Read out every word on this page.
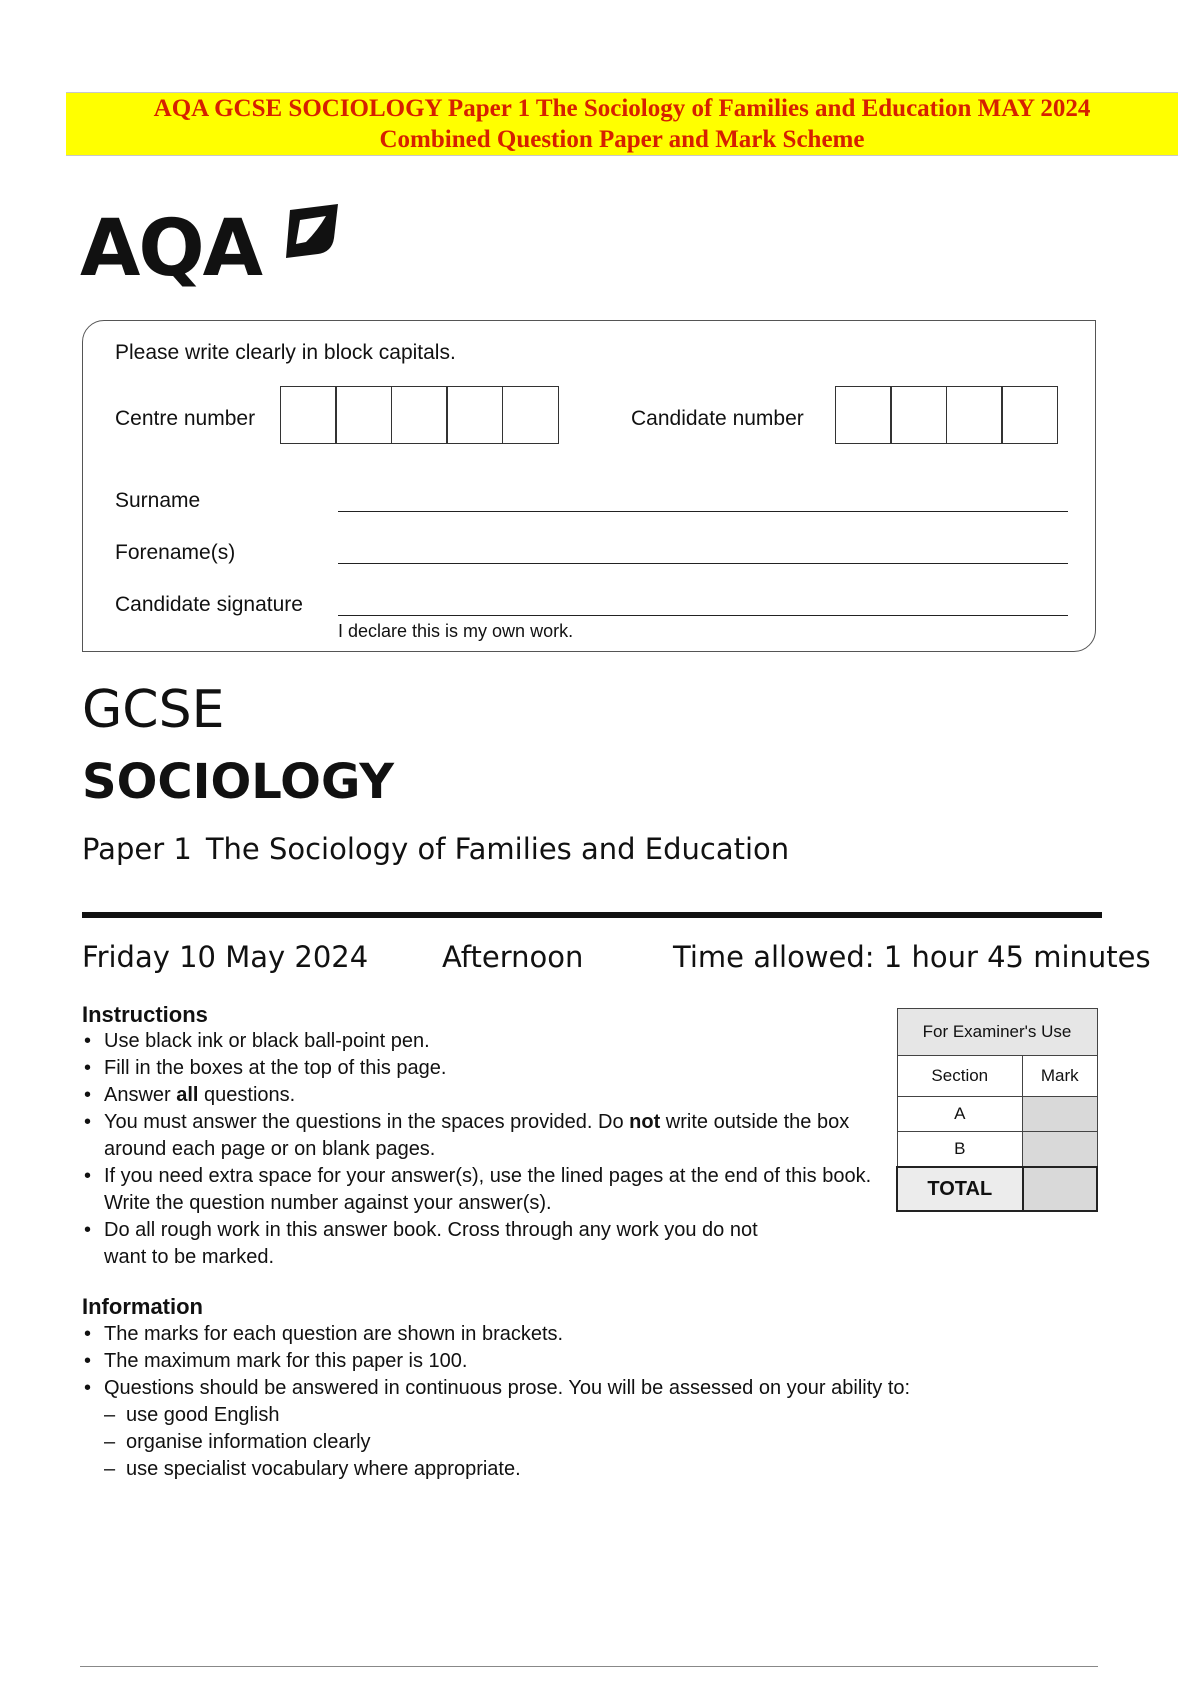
AQA GCSE SOCIOLOGY Paper 1 The Sociology of Families and Education MAY 2024
Combined Question Paper and Mark Scheme
AQA
Please write clearly in block capitals.
Centre number	Candidate number
Surname
Forename(s)
Candidate signature
I declare this is my own work.
GCSE
SOCIOLOGY
Paper 1 The Sociology of Families and Education
Friday 10 May 2024	Afternoon	Time allowed: 1 hour 45 minutes
Instructions
• Use black ink or black ball-point pen.
• Fill in the boxes at the top of this page.
• Answer all questions.
• You must answer the questions in the spaces provided. Do not write outside the box around each page or on blank pages.
• If you need extra space for your answer(s), use the lined pages at the end of this book. Write the question number against your answer(s).
• Do all rough work in this answer book. Cross through any work you do not want to be marked.
For Examiner's Use	
Section	Mark
A	
B	
TOTAL	
Information
• The marks for each question are shown in brackets.
• The maximum mark for this paper is 100.
• Questions should be answered in continuous prose. You will be assessed on your ability to:
– use good English
– organise information clearly
– use specialist vocabulary where appropriate.
